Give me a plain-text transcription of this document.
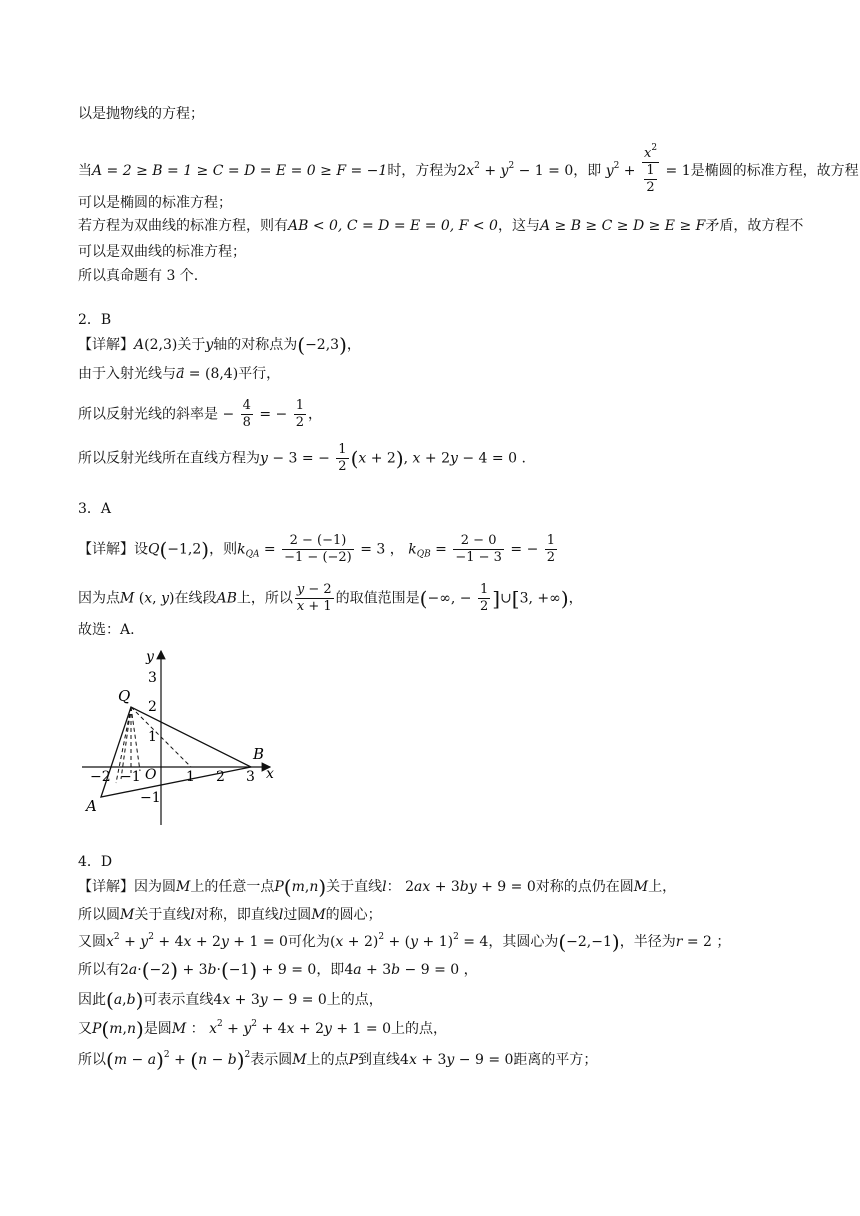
以是抛物线的方程；
当A = 2 ≥ B = 1 ≥ C = D = E = 0 ≥ F = −1时，方程为$2x^2 + y^2 - 1 = 0$，即 $y^2 + \frac{x^2}{\frac{1}{2}} = 1$是椭圆的标准方程，故方程
可以是椭圆的标准方程；
若方程为双曲线的标准方程，则有AB < 0, C = D = E = 0, F < 0，这与A ≥ B ≥ C ≥ D ≥ E ≥ F矛盾，故方程不
可以是双曲线的标准方程；
所以真命题有 3 个.
2．B
【详解】A(2,3)关于y轴的对称点为(−2,3)，
由于入射光线与a⃗ = (8,4)平行，
所以反射光线的斜率是 − $\frac{4}{8}$ = − $\frac{1}{2}$ ，
所以反射光线所在直线方程为y − 3 = − $\frac{1}{2} (x + 2)$, x + 2y − 4 = 0 .
3．A
【详解】设Q(−1,2)，则$k_{QA} = \frac{2 - (-1)}{-1 - (-2)} = 3$ ， $k_{QB} = \frac{2 - 0}{-1 - 3}$ = − $\frac{1}{2}$
因为点M (x, y)在线段AB上，所以 $\frac{y - 2}{x + 1}$ 的取值范围是(−∞, − $\frac{1}{2}$ ]∪[3, +∞)，
故选：A.
x
y
O
−2 −1	1 2 3
3
2
1
−1
Q
A
B
4．D
【详解】因为圆M上的任意一点P(m,n)关于直线l： 2ax + 3by + 9 = 0对称的点仍在圆M上，
所以圆M关于直线l对称，即直线l过圆M的圆心；
又圆$x^2 + y^2 + 4x + 2y + 1 = 0$可化为$(x + 2)^2 + (y + 1)^2 = 4$，其圆心为(−2,−1)，半径为r = 2 ；
所以有2a·(−2) + 3b·(−1) + 9 = 0，即4a + 3b − 9 = 0 ，
因此(a,b)可表示直线4x + 3y − 9 = 0上的点，
又P(m,n)是圆M ： $x^2 + y^2 + 4x + 2y + 1 = 0$上的点，
所以$(m - a)^2 + (n - b)^2$表示圆M上的点P到直线4x + 3y − 9 = 0距离的平方；
